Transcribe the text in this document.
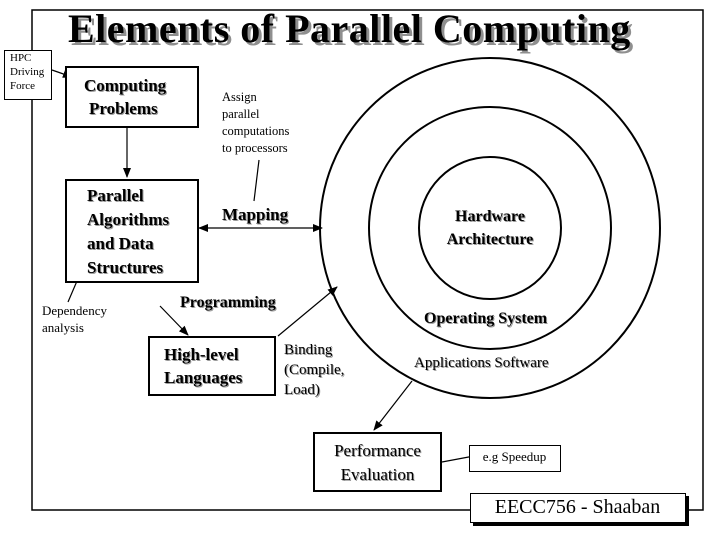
Elements of Parallel Computing
HPC
Driving
Force	Computing
Problems
Assign
parallel
computations
to processors
Parallel
Algorithms
and Data
Structures
Mapping	Hardware
Architecture
Programming
Operating System
Dependency
analysis
High-level
Languages
Binding
(Compile,
Load)
Applications Software
Performance
Evaluation
e.g Speedup
EECC756 - Shaaban
